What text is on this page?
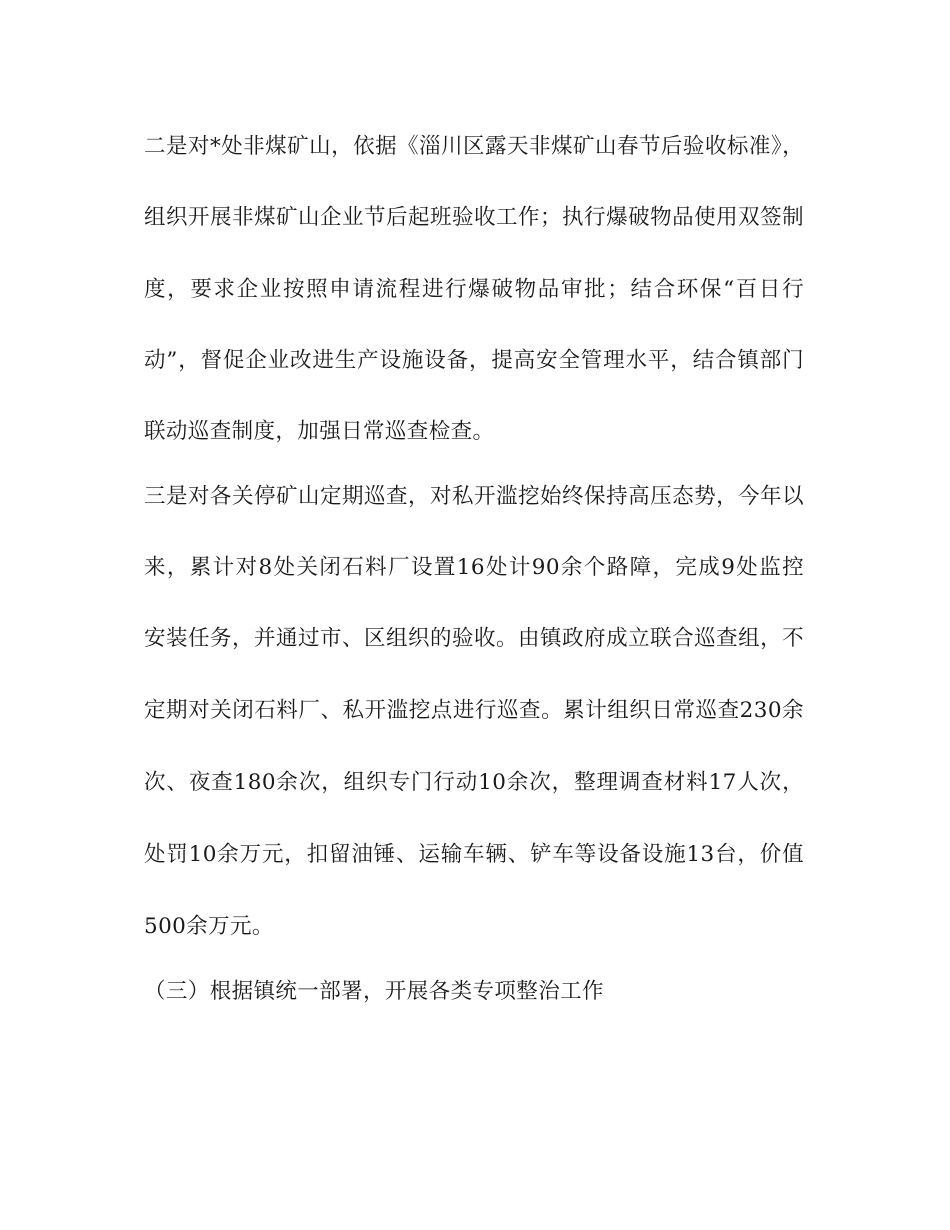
二是对*处非煤矿山，依据《淄川区露天非煤矿山春节后验收标准》，

组织开展非煤矿山企业节后起班验收工作；执行爆破物品使用双签制

度，要求企业按照申请流程进行爆破物品审批；结合环保“百日行

动”，督促企业改进生产设施设备，提高安全管理水平，结合镇部门

联动巡查制度，加强日常巡查检查。

三是对各关停矿山定期巡查，对私开滥挖始终保持高压态势，今年以

来，累计对8处关闭石料厂设置16处计90余个路障，完成9处监控

安装任务，并通过市、区组织的验收。由镇政府成立联合巡查组，不

定期对关闭石料厂、私开滥挖点进行巡查。累计组织日常巡查230余

次、夜查180余次，组织专门行动10余次，整理调查材料17人次，

处罚10余万元，扣留油锤、运输车辆、铲车等设备设施13台，价值

500余万元。

（三）根据镇统一部署，开展各类专项整治工作
